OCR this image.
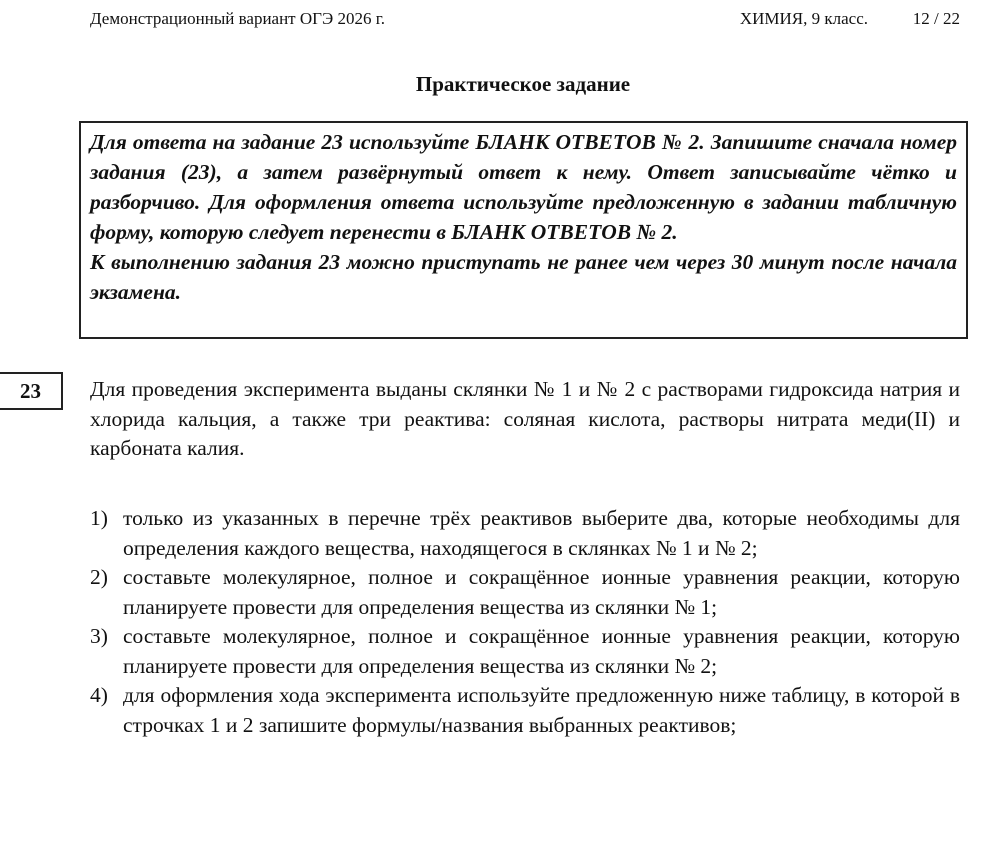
Демонстрационный вариант ОГЭ 2026 г.	ХИМИЯ, 9 класс.	12 / 22
Практическое задание
Для ответа на задание 23 используйте БЛАНК ОТВЕТОВ № 2. Запишите сначала номер задания (23), а затем развёрнутый ответ к нему. Ответ записывайте чётко и разборчиво. Для оформления ответа используйте предложенную в задании табличную форму, которую следует перенести в БЛАНК ОТВЕТОВ № 2.
К выполнению задания 23 можно приступать не ранее чем через 30 минут после начала экзамена.
23	Для проведения эксперимента выданы склянки № 1 и № 2 с растворами гидроксида натрия и хлорида кальция, а также три реактива: соляная кислота, растворы нитрата меди(II) и карбоната калия.
1) только из указанных в перечне трёх реактивов выберите два, которые необходимы для определения каждого вещества, находящегося в склянках № 1 и № 2;
2) составьте молекулярное, полное и сокращённое ионные уравнения реакции, которую планируете провести для определения вещества из склянки № 1;
3) составьте молекулярное, полное и сокращённое ионные уравнения реакции, которую планируете провести для определения вещества из склянки № 2;
4) для оформления хода эксперимента используйте предложенную ниже таблицу, в которой в строчках 1 и 2 запишите формулы/названия выбранных реактивов;
